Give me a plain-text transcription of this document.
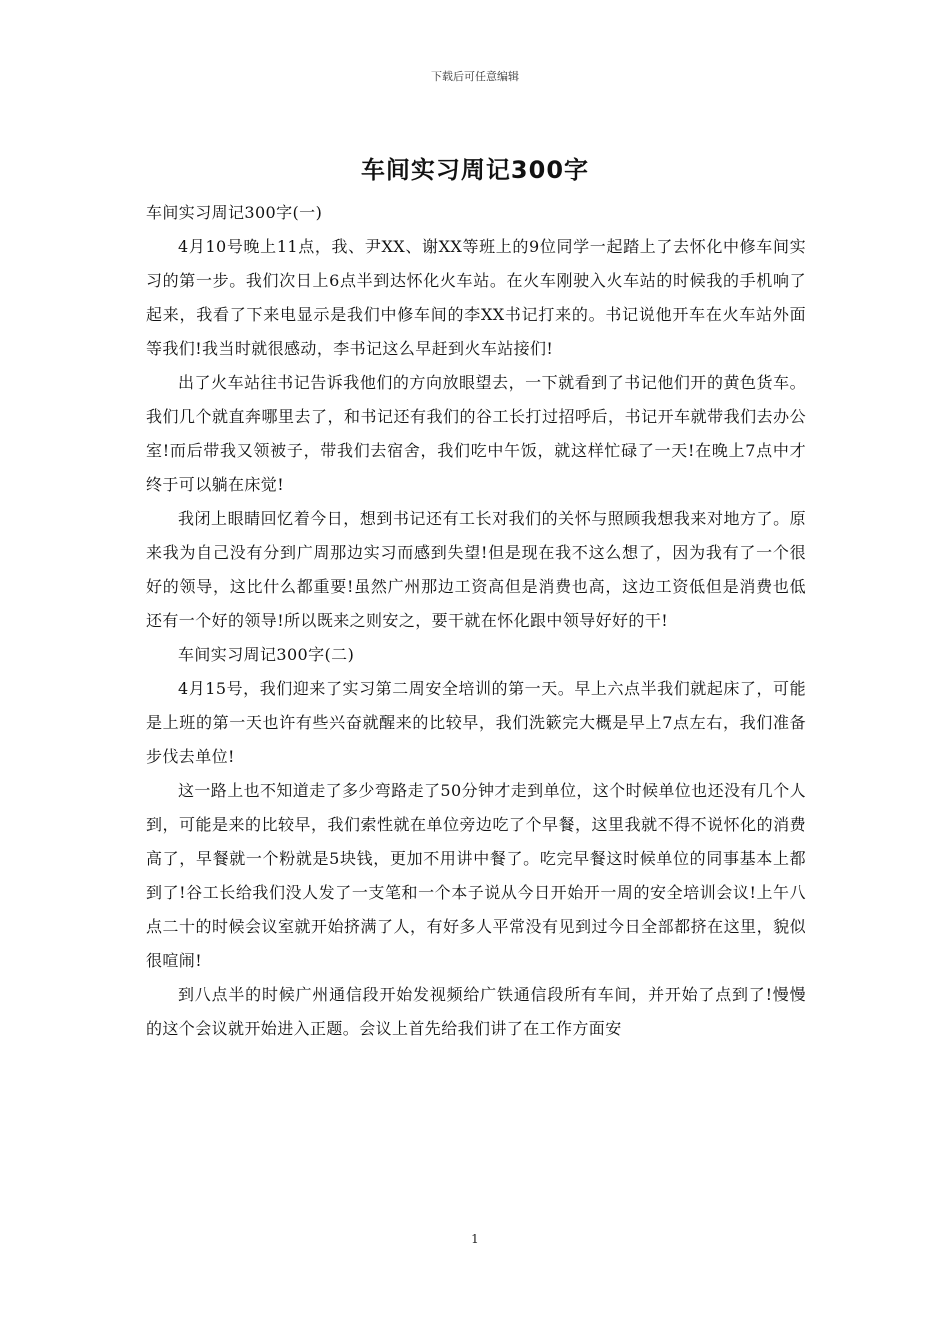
下载后可任意编辑
车间实习周记300字

车间实习周记300字(一)

4月10号晚上11点，我、尹XX、谢XX等班上的9位同学一起踏上了去怀化中修车间实习的第一步。我们次日上6点半到达怀化火车站。在火车刚驶入火车站的时候我的手机响了起来，我看了下来电显示是我们中修车间的李XX书记打来的。书记说他开车在火车站外面等我们!我当时就很感动，李书记这么早赶到火车站接们!

出了火车站往书记告诉我他们的方向放眼望去，一下就看到了书记他们开的黄色货车。我们几个就直奔哪里去了，和书记还有我们的谷工长打过招呼后，书记开车就带我们去办公室!而后带我又领被子，带我们去宿舍，我们吃中午饭，就这样忙碌了一天!在晚上7点中才终于可以躺在床觉!

我闭上眼睛回忆着今日，想到书记还有工长对我们的关怀与照顾我想我来对地方了。原来我为自己没有分到广周那边实习而感到失望!但是现在我不这么想了，因为我有了一个很好的领导，这比什么都重要!虽然广州那边工资高但是消费也高，这边工资低但是消费也低还有一个好的领导!所以既来之则安之，要干就在怀化跟中领导好好的干!

车间实习周记300字(二)

4月15号，我们迎来了实习第二周安全培训的第一天。早上六点半我们就起床了，可能是上班的第一天也许有些兴奋就醒来的比较早，我们洗簌完大概是早上7点左右，我们准备步伐去单位!

这一路上也不知道走了多少弯路走了50分钟才走到单位，这个时候单位也还没有几个人到，可能是来的比较早，我们索性就在单位旁边吃了个早餐，这里我就不得不说怀化的消费高了，早餐就一个粉就是5块钱，更加不用讲中餐了。吃完早餐这时候单位的同事基本上都到了!谷工长给我们没人发了一支笔和一个本子说从今日开始开一周的安全培训会议!上午八点二十的时候会议室就开始挤满了人，有好多人平常没有见到过今日全部都挤在这里，貌似很喧闹!

到八点半的时候广州通信段开始发视频给广铁通信段所有车间，并开始了点到了!慢慢的这个会议就开始进入正题。会议上首先给我们讲了在工作方面安

1
